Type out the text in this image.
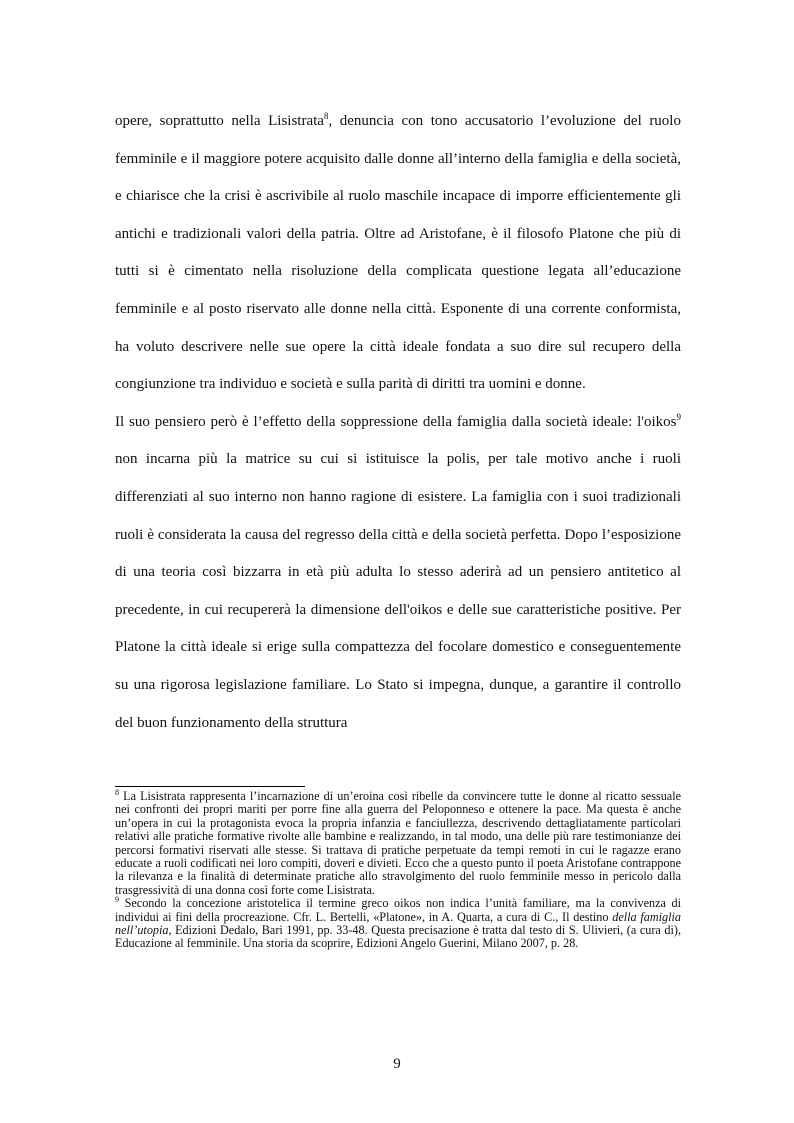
opere, soprattutto nella Lisistrata$^8$, denuncia con tono accusatorio l’evoluzione del ruolo femminile e il maggiore potere acquisito dalle donne all’interno della famiglia e della società, e chiarisce che la crisi è ascrivibile al ruolo maschile incapace di imporre efficientemente gli antichi e tradizionali valori della patria. Oltre ad Aristofane, è il filosofo Platone che più di tutti si è cimentato nella risoluzione della complicata questione legata all’educazione femminile e al posto riservato alle donne nella città. Esponente di una corrente conformista, ha voluto descrivere nelle sue opere la città ideale fondata a suo dire sul recupero della congiunzione tra individuo e società e sulla parità di diritti tra uomini e donne.

Il suo pensiero però è l’effetto della soppressione della famiglia dalla società ideale: l'oikos$^9$ non incarna più la matrice su cui si istituisce la polis, per tale motivo anche i ruoli differenziati al suo interno non hanno ragione di esistere. La famiglia con i suoi tradizionali ruoli è considerata la causa del regresso della città e della società perfetta. Dopo l’esposizione di una teoria così bizzarra in età più adulta lo stesso aderirà ad un pensiero antitetico al precedente, in cui recupererà la dimensione dell'oikos e delle sue caratteristiche positive. Per Platone la città ideale si erige sulla compattezza del focolare domestico e conseguentemente su una rigorosa legislazione familiare. Lo Stato si impegna, dunque, a garantire il controllo del buon funzionamento della struttura

$^8$ La Lisistrata rappresenta l’incarnazione di un’eroina così ribelle da convincere tutte le donne al ricatto sessuale nei confronti dei propri mariti per porre fine alla guerra del Peloponneso e ottenere la pace. Ma questa è anche un’opera in cui la protagonista evoca la propria infanzia e fanciullezza, descrivendo dettagliatamente particolari relativi alle pratiche formative rivolte alle bambine e realizzando, in tal modo, una delle più rare testimonianze dei percorsi formativi riservati alle stesse. Si trattava di pratiche perpetuate da tempi remoti in cui le ragazze erano educate a ruoli codificati nei loro compiti, doveri e divieti. Ecco che a questo punto il poeta Aristofane contrappone la rilevanza e la finalità di determinate pratiche allo stravolgimento del ruolo femminile messo in pericolo dalla trasgressività di una donna così forte come Lisistrata.

$^9$ Secondo la concezione aristotelica il termine greco oikos non indica l’unità familiare, ma la convivenza di individui ai fini della procreazione. Cfr. L. Bertelli, «Platone», in A. Quarta, a cura di C., Il destino della famiglia nell’utopia, Edizioni Dedalo, Bari 1991, pp. 33-48. Questa precisazione è tratta dal testo di S. Ulivieri, (a cura di), Educazione al femminile. Una storia da scoprire, Edizioni Angelo Guerini, Milano 2007, p. 28.

9
